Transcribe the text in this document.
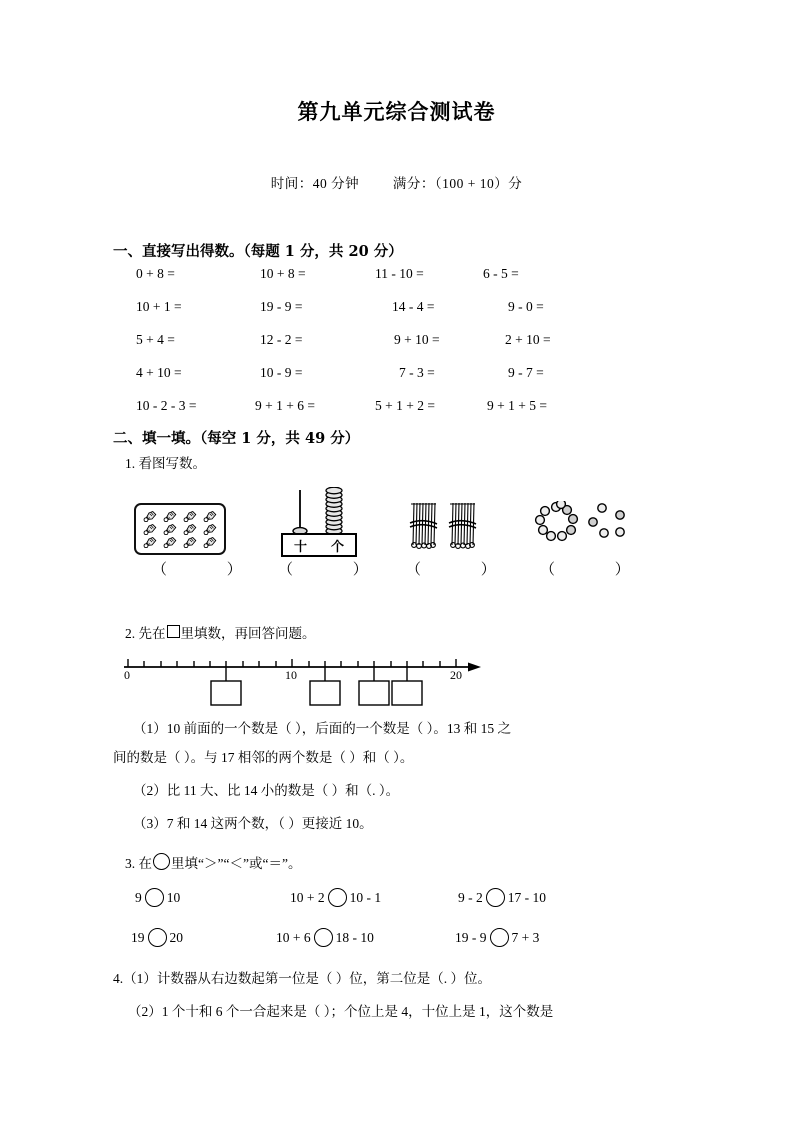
第九单元综合测试卷
时间：40 分钟	满分：（100 + 10）分
一、直接写出得数。（每题 1 分，共 20 分）
0 + 8 =	10 + 8 =	11 - 10 =	6 - 5 =
10 + 1 =	19 - 9 =	14 - 4 =	9 - 0 =
5 + 4 =	12 - 2 =	9 + 10 =	2 + 10 =
4 + 10 =	10 - 9 =	7 - 3 =	9 - 7 =
10 - 2 - 3 =	9 + 1 + 6 =	5 + 1 + 2 =	9 + 1 + 5 =
二、填一填。（每空 1 分，共 49 分）
1. 看图写数。
（ ）
十 个
（ ） （ ） （ ）
2. 先在 里填数，再回答问题。
0	10	20
（1）10 前面的一个数是（ ），后面的一个数是（ ）。13 和 15 之
间的数是（ ）。与 17 相邻的两个数是（ ）和（ ）。
（2）比 11 大、比 14 小的数是（ ）和（. ）。
（3）7 和 14 这两个数，（ ）更接近 10。
3. 在 里填“＞”“＜”或“＝”。
9 10	10 + 2 10 - 1	9 - 2 17 - 10
19 20	10 + 6 18 - 10	19 - 9 7 + 3
4.（1）计数器从右边数起第一位是（ ）位，第二位是（. ）位。
（2）1 个十和 6 个一合起来是（ ）；个位上是 4，十位上是 1，这个数是
